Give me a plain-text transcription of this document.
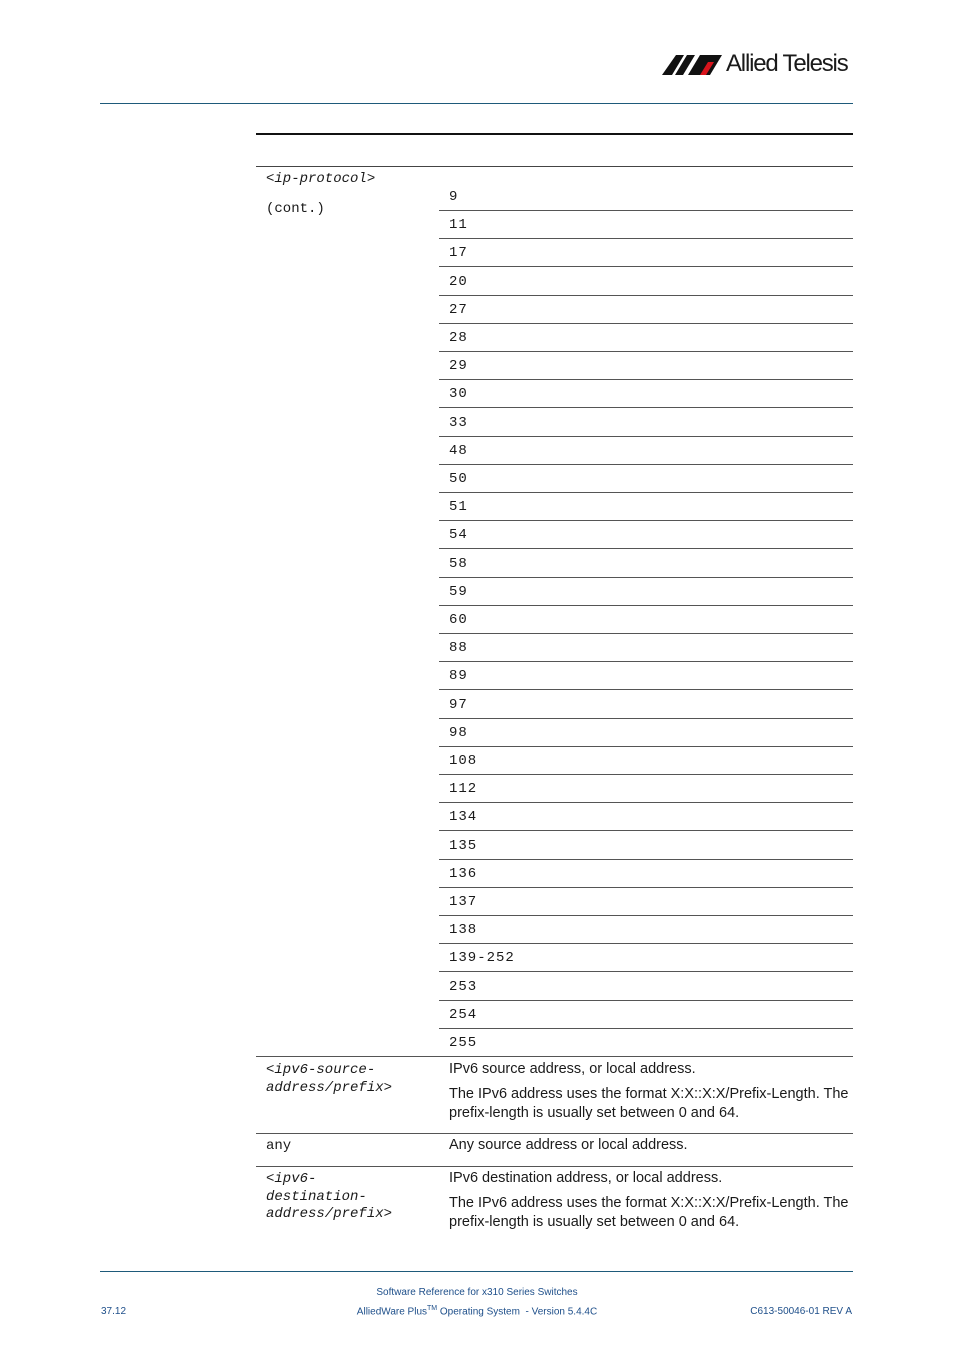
Allied Telesis
<ip-protocol>
(cont.)
9
11
17
20
27
28
29
30
33
48
50
51
54
58
59
60
88
89
97
98
108
112
134
135
136
137
138
139-252
253
254
255
<ipv6-source-
address/prefix>

IPv6 source address, or local address.

The IPv6 address uses the format X:X::X:X/Prefix-Length. The prefix-length is usually set between 0 and 64.

any	Any source address or local address.

<ipv6-
destination-
address/prefix>

IPv6 destination address, or local address.

The IPv6 address uses the format X:X::X:X/Prefix-Length. The prefix-length is usually set between 0 and 64.

Software Reference for x310 Series Switches
AlliedWare Plus™ Operating System  - Version 5.4.4C
37.12	C613-50046-01 REV A
